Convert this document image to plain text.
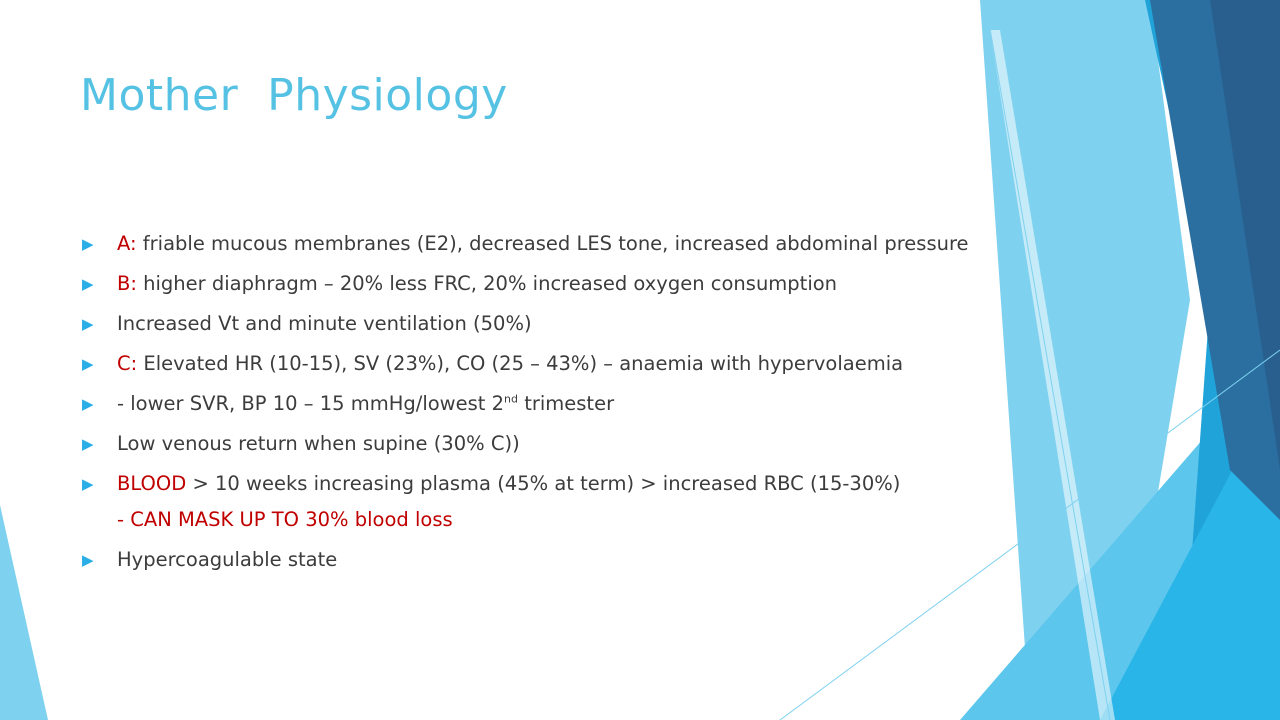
Mother  Physiology
▶ A: friable mucous membranes (E2), decreased LES tone, increased abdominal pressure
▶ B: higher diaphragm – 20% less FRC, 20% increased oxygen consumption
▶ Increased Vt and minute ventilation (50%)
▶ C: Elevated HR (10-15), SV (23%), CO (25 – 43%) – anaemia with hypervolaemia
▶ - lower SVR, BP 10 – 15 mmHg/lowest 2nd trimester
▶ Low venous return when supine (30% C))
▶ BLOOD > 10 weeks increasing plasma (45% at term) > increased RBC (15-30%)
- CAN MASK UP TO 30% blood loss
▶ Hypercoagulable state
